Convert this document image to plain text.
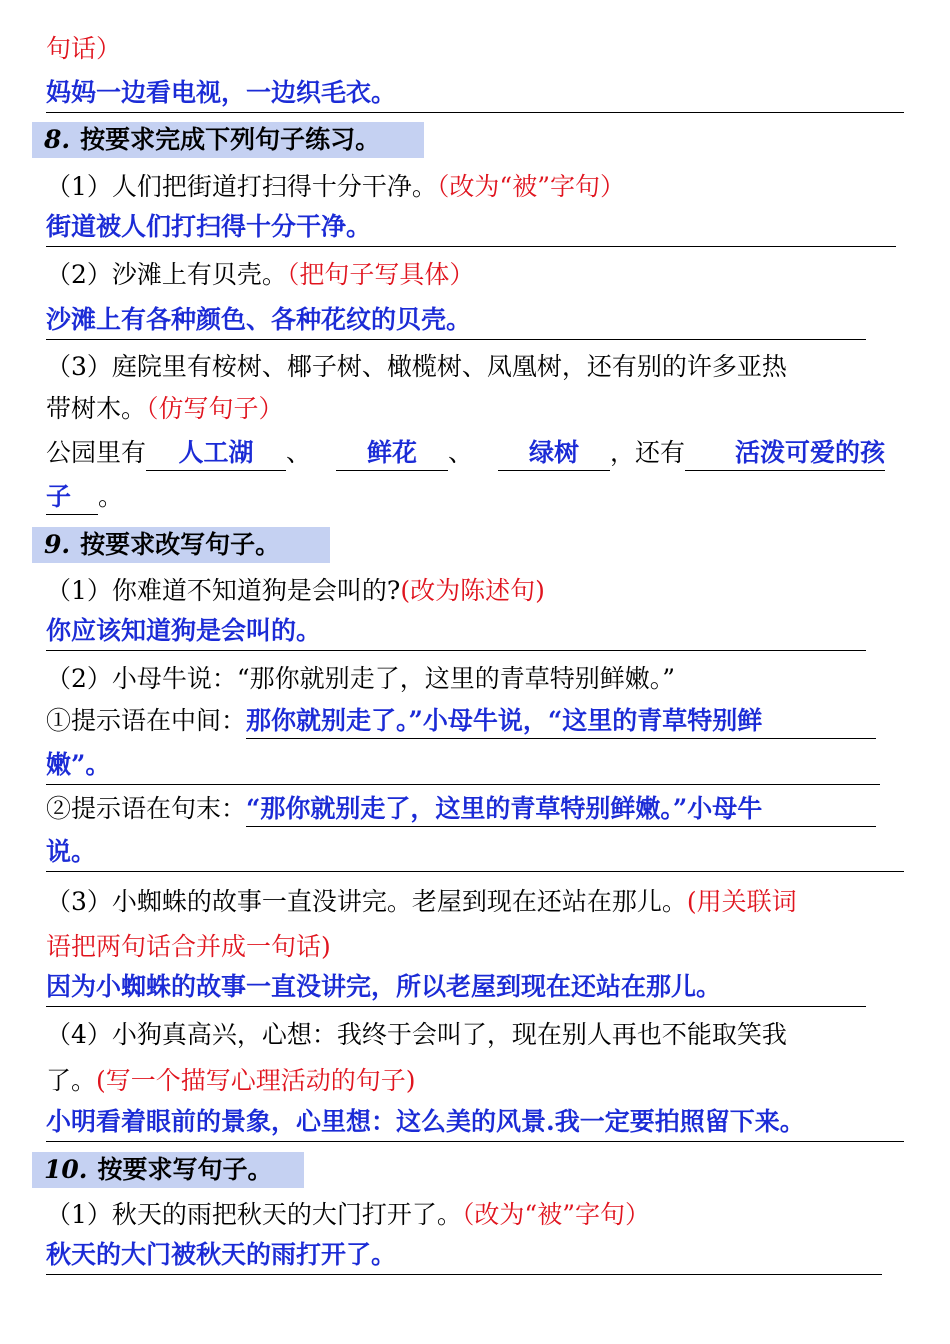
句话）
妈妈一边看电视，一边织毛衣。
8. 按要求完成下列句子练习。
（1）人们把街道打扫得十分干净。（改为“被”字句）
街道被人们打扫得十分干净。
（2）沙滩上有贝壳。（把句子写具体）
沙滩上有各种颜色、各种花纹的贝壳。
（3）庭院里有桉树、椰子树、橄榄树、凤凰树，还有别的许多亚热
带树木。（仿写句子）
公园里有 人工湖 、  鲜花 、  绿树 ，还有 活泼可爱的孩
子 。
9. 按要求改写句子。
（1）你难道不知道狗是会叫的?(改为陈述句)
你应该知道狗是会叫的。
（2）小母牛说：“那你就别走了，这里的青草特别鲜嫩。”
①提示语在中间：那你就别走了。”小母牛说，“这里的青草特别鲜
嫩”。
②提示语在句末：“那你就别走了，这里的青草特别鲜嫩。”小母牛
说。
（3）小蜘蛛的故事一直没讲完。老屋到现在还站在那儿。(用关联词
语把两句话合并成一句话)
因为小蜘蛛的故事一直没讲完，所以老屋到现在还站在那儿。
（4）小狗真高兴，心想：我终于会叫了，现在别人再也不能取笑我
了。(写一个描写心理活动的句子)
小明看着眼前的景象，心里想：这么美的风景.我一定要拍照留下来。
10. 按要求写句子。
（1）秋天的雨把秋天的大门打开了。（改为“被”字句）
秋天的大门被秋天的雨打开了。
